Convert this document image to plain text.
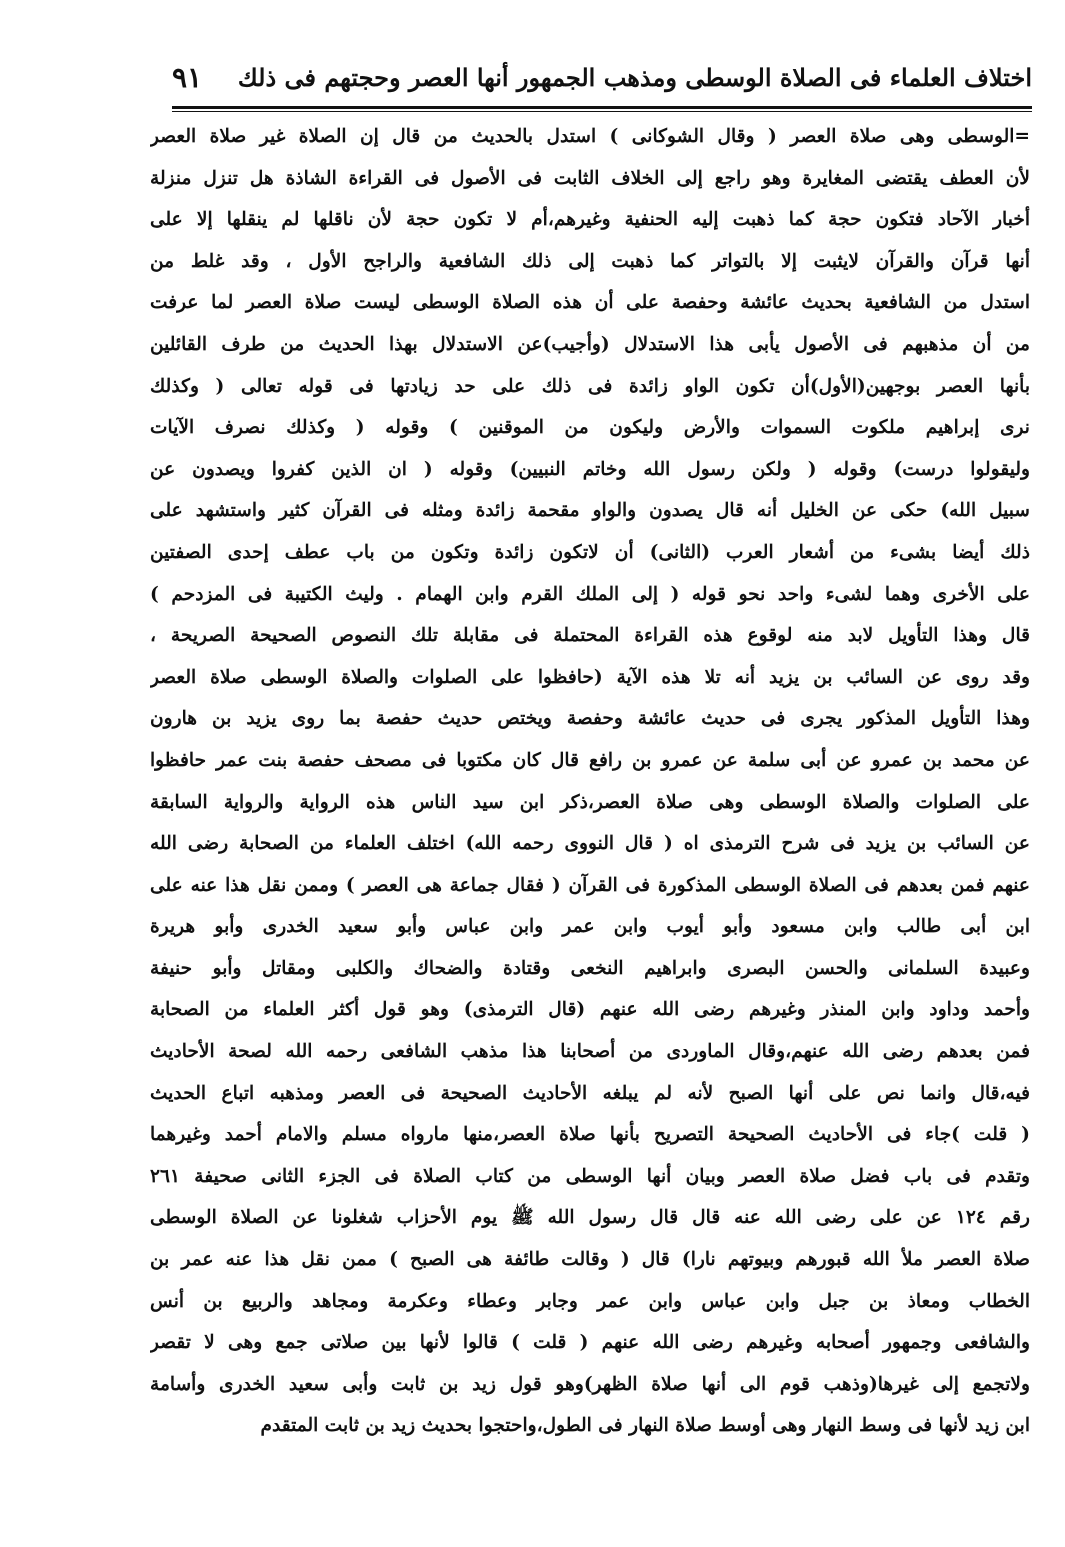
اختلاف العلماء فى الصلاة الوسطى ومذهب الجمهور أنها العصر وحجتهم فى ذلك
٩١
=الوسطى وهى صلاة العصر ( وقال الشوكانى ) استدل بالحديث من قال إن الصلاة غير صلاة العصر
لأن العطف يقتضى المغايرة وهو راجع إلى الخلاف الثابت فى الأصول فى القراءة الشاذة هل تنزل منزلة
أخبار الآحاد فتكون حجة كما ذهبت إليه الحنفية وغيرهم،أم لا تكون حجة لأن ناقلها لم ينقلها إلا على
أنها قرآن والقرآن لايثبت إلا بالتواتر كما ذهبت إلى ذلك الشافعية والراجح الأول ، وقد غلط من
استدل من الشافعية بحديث عائشة وحفصة على أن هذه الصلاة الوسطى ليست صلاة العصر لما عرفت
من أن مذهبهم فى الأصول يأبى هذا الاستدلال (وأجيب)عن الاستدلال بهذا الحديث من طرف القائلين
بأنها العصر بوجهين(الأول)أن تكون الواو زائدة فى ذلك على حد زيادتها فى قوله تعالى ( وكذلك
نرى إبراهيم ملكوت السموات والأرض وليكون من الموقنين ) وقوله ( وكذلك نصرف الآيات
وليقولوا درست) وقوله ( ولكن رسول الله وخاتم النبيين) وقوله ( ان الذين كفروا ويصدون عن
سبيل الله) حكى عن الخليل أنه قال يصدون والواو مقحمة زائدة ومثله فى القرآن كثير واستشهد على
ذلك أيضا بشىء من أشعار العرب (الثانى) أن لاتكون زائدة وتكون من باب عطف إحدى الصفتين
على الأخرى وهما لشىء واحد نحو قوله ( إلى الملك القرم وابن الهمام . وليث الكتيبة فى المزدحم )
قال وهذا التأويل لابد منه لوقوع هذه القراءة المحتملة فى مقابلة تلك النصوص الصحيحة الصريحة ،
وقد روى عن السائب بن يزيد أنه تلا هذه الآية (حافظوا على الصلوات والصلاة الوسطى صلاة العصر
وهذا التأويل المذكور يجرى فى حديث عائشة وحفصة ويختص حديث حفصة بما روى يزيد بن هارون
عن محمد بن عمرو عن أبى سلمة عن عمرو بن رافع قال كان مكتوبا فى مصحف حفصة بنت عمر حافظوا
على الصلوات والصلاة الوسطى وهى صلاة العصر،ذكر ابن سيد الناس هذه الرواية والرواية السابقة
عن السائب بن يزيد فى شرح الترمذى اه ( قال النووى رحمه الله) اختلف العلماء من الصحابة رضى الله
عنهم فمن بعدهم فى الصلاة الوسطى المذكورة فى القرآن ( فقال جماعة هى العصر ) وممن نقل هذا عنه على
ابن أبى طالب وابن مسعود وأبو أيوب وابن عمر وابن عباس وأبو سعيد الخدرى وأبو هريرة
وعبيدة السلمانى والحسن البصرى وابراهيم النخعى وقتادة والضحاك والكلبى ومقاتل وأبو حنيفة
وأحمد وداود وابن المنذر وغيرهم رضى الله عنهم (قال الترمذى) وهو قول أكثر العلماء من الصحابة
فمن بعدهم رضى الله عنهم،وقال الماوردى من أصحابنا هذا مذهب الشافعى رحمه الله لصحة الأحاديث
فيه،قال وانما نص على أنها الصبح لأنه لم يبلغه الأحاديث الصحيحة فى العصر ومذهبه اتباع الحديث
( قلت )جاء فى الأحاديث الصحيحة التصريح بأنها صلاة العصر،منها مارواه مسلم والامام أحمد وغيرهما
وتقدم فى باب فضل صلاة العصر وبيان أنها الوسطى من كتاب الصلاة فى الجزء الثانى صحيفة ٢٦١
رقم ١٢٤ عن على رضى الله عنه قال قال رسول الله ﷺ يوم الأحزاب شغلونا عن الصلاة الوسطى
صلاة العصر ملأ الله قبورهم وبيوتهم نارا) قال ( وقالت طائفة هى الصبح ) ممن نقل هذا عنه عمر بن
الخطاب ومعاذ بن جبل وابن عباس وابن عمر وجابر وعطاء وعكرمة ومجاهد والربيع بن أنس
والشافعى وجمهور أصحابه وغيرهم رضى الله عنهم ( قلت ) قالوا لأنها بين صلاتى جمع وهى لا تقصر
ولاتجمع إلى غيرها(وذهب قوم الى أنها صلاة الظهر)وهو قول زيد بن ثابت وأبى سعيد الخدرى وأسامة
ابن زيد لأنها فى وسط النهار وهى أوسط صلاة النهار فى الطول،واحتجوا بحديث زيد بن ثابت المتقدم
